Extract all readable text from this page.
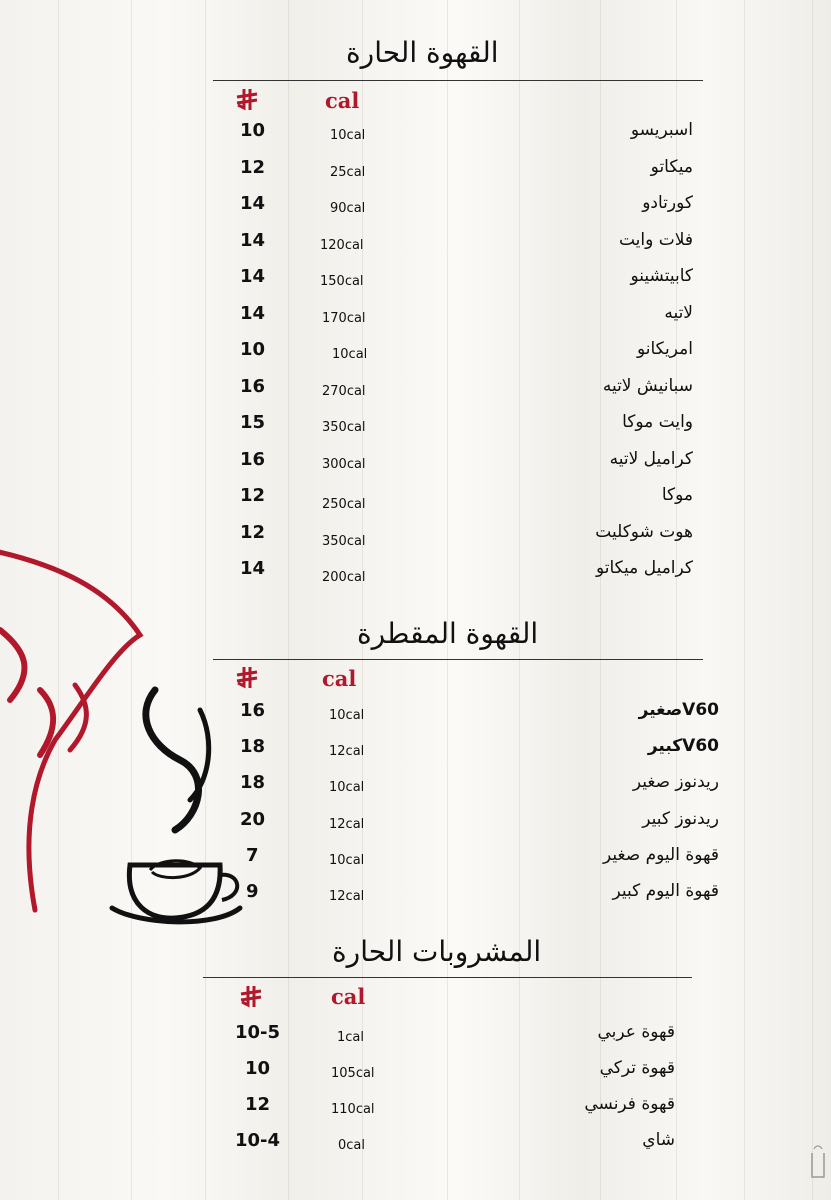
القهوة الحارة
cal
القهوة المقطرة
cal
المشروبات الحارة
cal
10	10cal	اسبريسو
12	25cal	ميكاتو
14	90cal	كورتادو
14	120cal	فلات وايت
14	150cal	كابيتشينو
14	170cal	لاتيه
10	10cal	امريكانو
16	270cal	سبانيش لاتيه
15	350cal	وايت موكا
16	300cal	كراميل لاتيه
12	250cal	موكا
12	350cal	هوت شوكليت
14	200cal	كراميل ميكاتو
16	10cal	V60صغير
18	12cal	V60كبير
18	10cal	ريدنوز صغير
20	12cal	ريدنوز كبير
7	10cal	قهوة اليوم صغير
9	12cal	قهوة اليوم كبير
10-5	1cal	قهوة عربي
10	105cal	قهوة تركي
12	110cal	قهوة فرنسي
10-4	0cal	شاي
